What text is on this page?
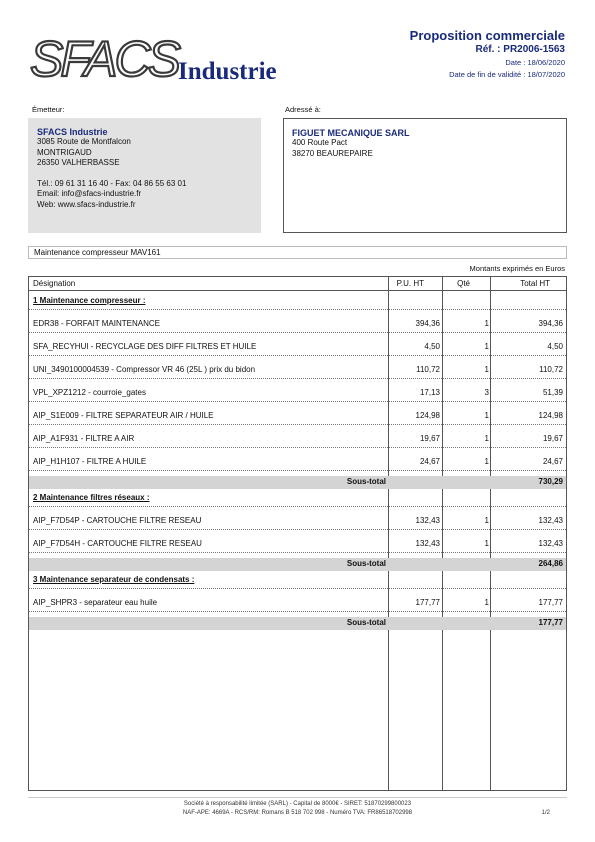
SFACS Industrie
Proposition commerciale
Réf. : PR2006-1563
Date : 18/06/2020
Date de fin de validité : 18/07/2020
Émetteur:	Adressé à:
SFACS Industrie
3085 Route de Montfalcon
MONTRIGAUD
26350 VALHERBASSE
Tél.: 09 61 31 16 40 - Fax: 04 86 55 63 01
Email: info@sfacs-industrie.fr
Web: www.sfacs-industrie.fr
FIGUET MECANIQUE SARL
400 Route Pact
38270 BEAUREPAIRE
Maintenance compresseur MAV161
Montants exprimés en Euros
Désignation	P.U. HT	Qté	Total HT
1 Maintenance compresseur :
EDR38 - FORFAIT MAINTENANCE	394,36	1	394,36
SFA_RECYHUI - RECYCLAGE DES DIFF FILTRES ET HUILE	4,50	1	4,50
UNI_3490100004539 - Compressor VR 46 (25L ) prix du bidon	110,72	1	110,72
VPL_XPZ1212 - courroie_gates	17,13	3	51,39
AIP_S1E009 - FILTRE SEPARATEUR AIR / HUILE	124,98	1	124,98
AIP_A1F931 - FILTRE A AIR	19,67	1	19,67
AIP_H1H107 - FILTRE A HUILE	24,67	1	24,67
Sous-total	730,29
2 Maintenance filtres réseaux :
AIP_F7D54P - CARTOUCHE FILTRE RESEAU	132,43	1	132,43
AIP_F7D54H - CARTOUCHE FILTRE RESEAU	132,43	1	132,43
Sous-total	264,86
3 Maintenance separateur de condensats :
AIP_SHPR3 - separateur eau huile	177,77	1	177,77
Sous-total	177,77
Société à responsabilité limitée (SARL) - Capital de 8000€ - SIRET: 51870299800023
NAF-APE: 4669A - RCS/RM: Romans B 518 702 998 - Numéro TVA: FR86518702998	1/2
